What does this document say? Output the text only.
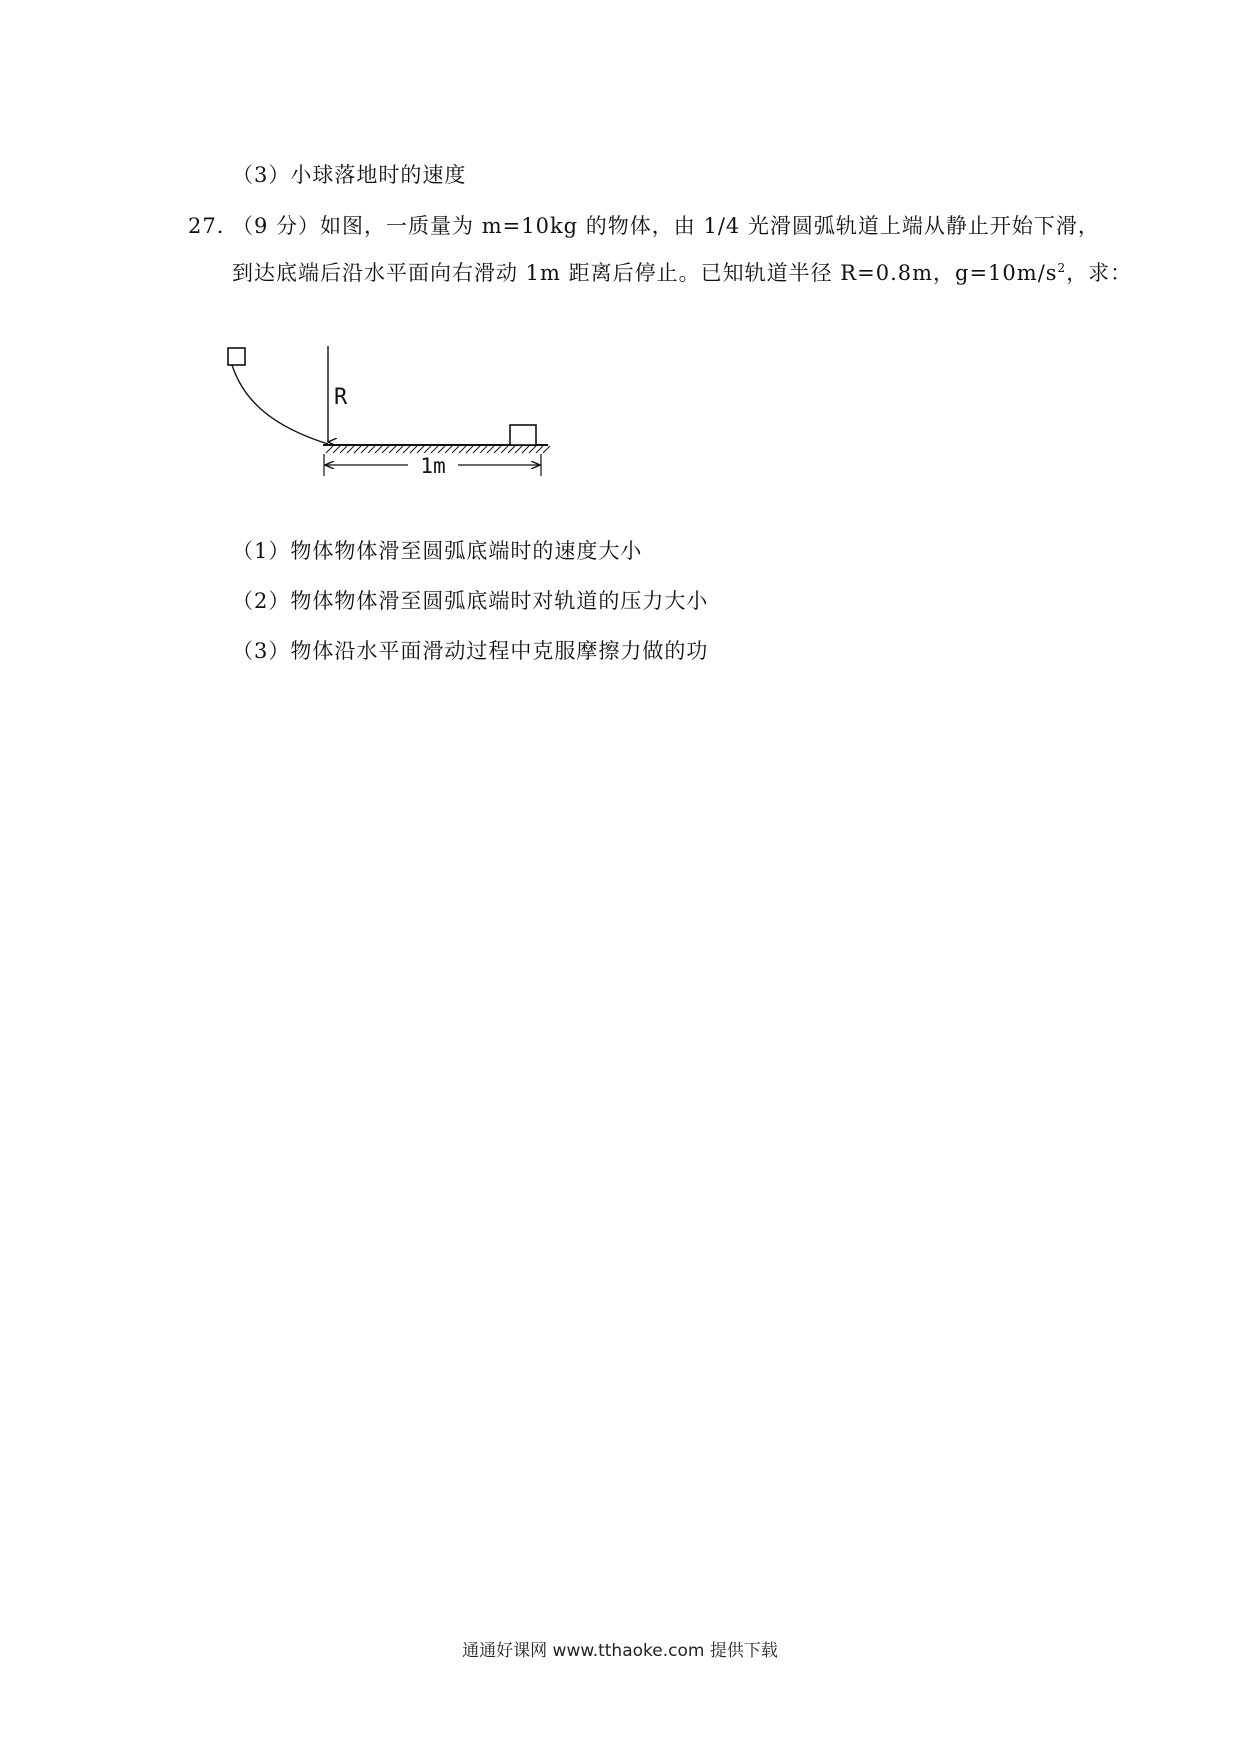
（3）小球落地时的速度
27. （9 分）如图，一质量为 m=10kg 的物体，由 1/4 光滑圆弧轨道上端从静止开始下滑，
到达底端后沿水平面向右滑动 1m 距离后停止。已知轨道半径 R=0.8m，$g=10m/s^2$，求：
R
1m
（1）物体物体滑至圆弧底端时的速度大小
（2）物体物体滑至圆弧底端时对轨道的压力大小
（3）物体沿水平面滑动过程中克服摩擦力做的功
通通好课网 www.tthaoke.com 提供下载
